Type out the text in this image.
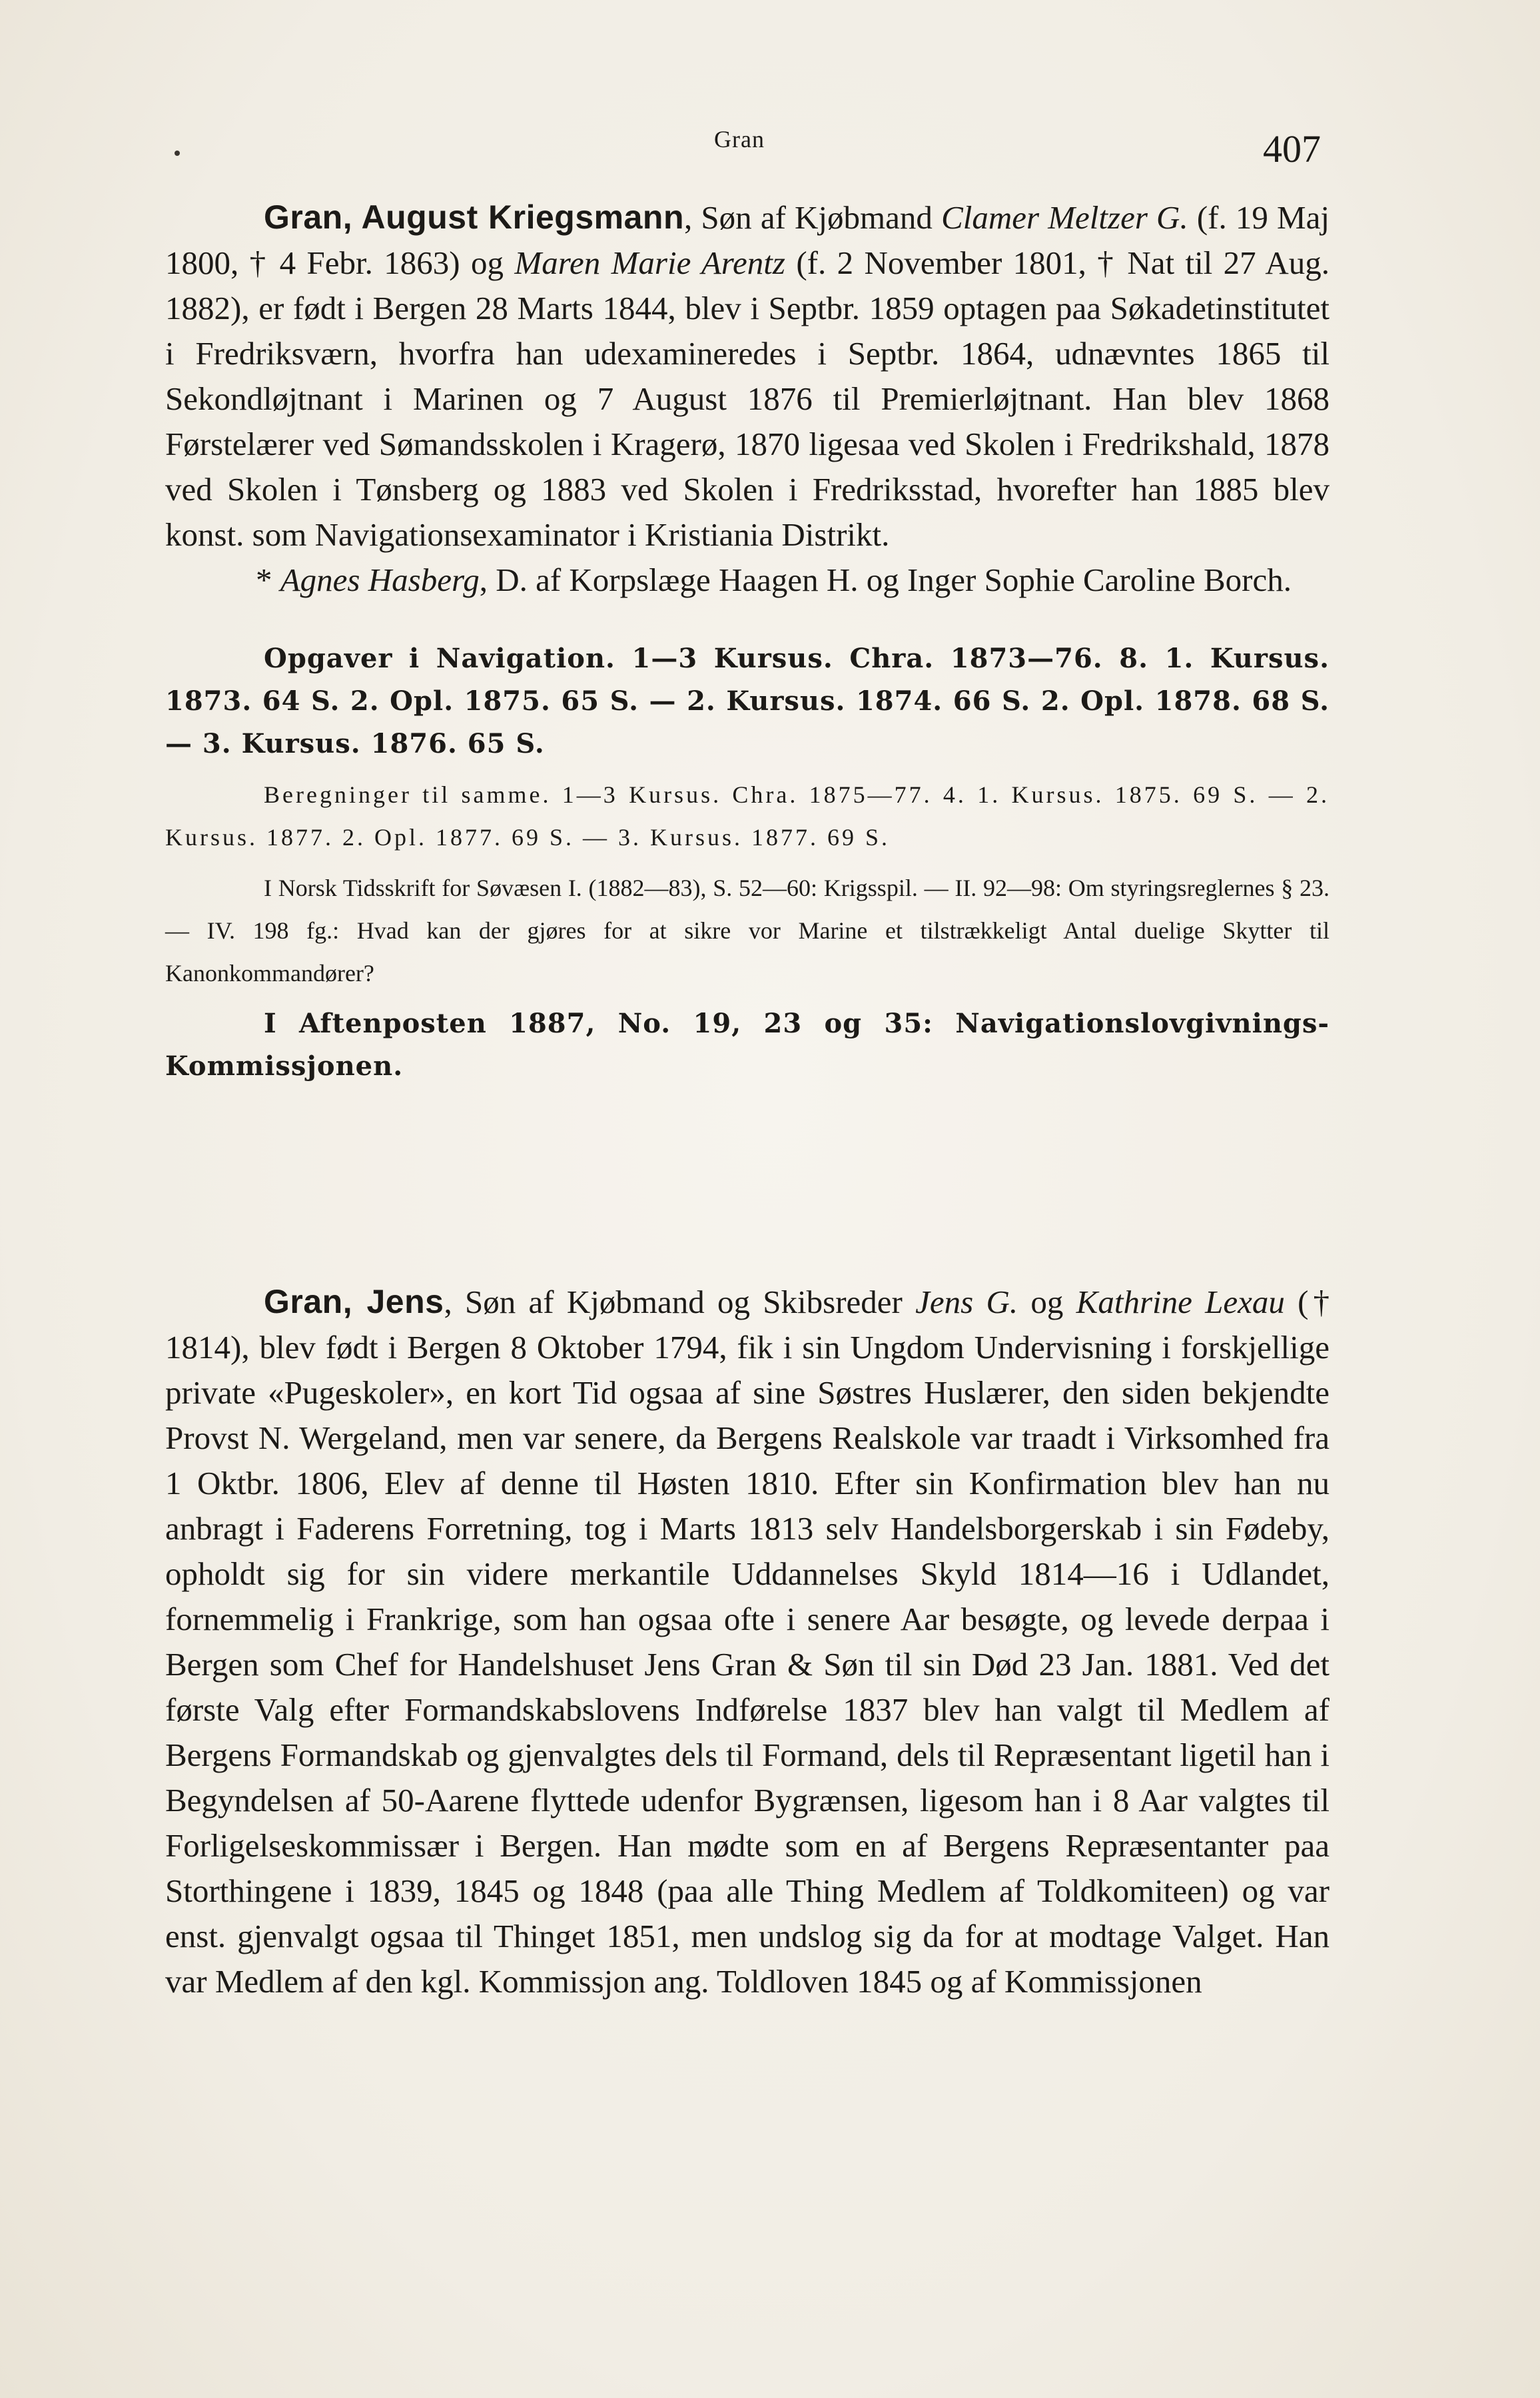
Gran	407

Gran, August Kriegsmann, Søn af Kjøbmand Clamer Meltzer G. (f. 19 Maj 1800, † 4 Febr. 1863) og Maren Marie Arentz (f. 2 November 1801, † Nat til 27 Aug. 1882), er født i Bergen 28 Marts 1844, blev i Septbr. 1859 optagen paa Søkadetinstitutet i Fredriksværn, hvorfra han udexamineredes i Septbr. 1864, udnævntes 1865 til Sekondløjtnant i Marinen og 7 August 1876 til Premierløjtnant. Han blev 1868 Førstelærer ved Sømandsskolen i Kragerø, 1870 ligesaa ved Skolen i Fredrikshald, 1878 ved Skolen i Tønsberg og 1883 ved Skolen i Fredriksstad, hvorefter han 1885 blev konst. som Navigationsexaminator i Kristiania Distrikt.

* Agnes Hasberg, D. af Korpslæge Haagen H. og Inger Sophie Caroline Borch.

Opgaver i Navigation. 1—3 Kursus. Chra. 1873—76. 8. 1. Kursus. 1873. 64 S. 2. Opl. 1875. 65 S. — 2. Kursus. 1874. 66 S. 2. Opl. 1878. 68 S. — 3. Kursus. 1876. 65 S.

Beregninger til samme. 1—3 Kursus. Chra. 1875—77. 4. 1. Kursus. 1875. 69 S. — 2. Kursus. 1877. 2. Opl. 1877. 69 S. — 3. Kursus. 1877. 69 S.

I Norsk Tidsskrift for Søvæsen I. (1882—83), S. 52—60: Krigsspil. — II. 92—98: Om styringsreglernes § 23. — IV. 198 fg.: Hvad kan der gjøres for at sikre vor Marine et tilstrækkeligt Antal duelige Skytter til Kanonkommandører?

I Aftenposten 1887, No. 19, 23 og 35: Navigationslovgivnings-Kommissjonen.

Gran, Jens, Søn af Kjøbmand og Skibsreder Jens G. og Kathrine Lexau († 1814), blev født i Bergen 8 Oktober 1794, fik i sin Ungdom Undervisning i forskjellige private «Pugeskoler», en kort Tid ogsaa af sine Søstres Huslærer, den siden bekjendte Provst N. Wergeland, men var senere, da Bergens Realskole var traadt i Virksomhed fra 1 Oktbr. 1806, Elev af denne til Høsten 1810. Efter sin Konfirmation blev han nu anbragt i Faderens Forretning, tog i Marts 1813 selv Handelsborgerskab i sin Fødeby, opholdt sig for sin videre merkantile Uddannelses Skyld 1814—16 i Udlandet, fornemmelig i Frankrige, som han ogsaa ofte i senere Aar besøgte, og levede derpaa i Bergen som Chef for Handelshuset Jens Gran & Søn til sin Død 23 Jan. 1881. Ved det første Valg efter Formandskabslovens Indførelse 1837 blev han valgt til Medlem af Bergens Formandskab og gjenvalgtes dels til Formand, dels til Repræsentant ligetil han i Begyndelsen af 50-Aarene flyttede udenfor Bygrænsen, ligesom han i 8 Aar valgtes til Forligelseskommissær i Bergen. Han mødte som en af Bergens Repræsentanter paa Storthingene i 1839, 1845 og 1848 (paa alle Thing Medlem af Toldkomiteen) og var enst. gjenvalgt ogsaa til Thinget 1851, men undslog sig da for at modtage Valget. Han var Medlem af den kgl. Kommissjon ang. Toldloven 1845 og af Kommissjonen
